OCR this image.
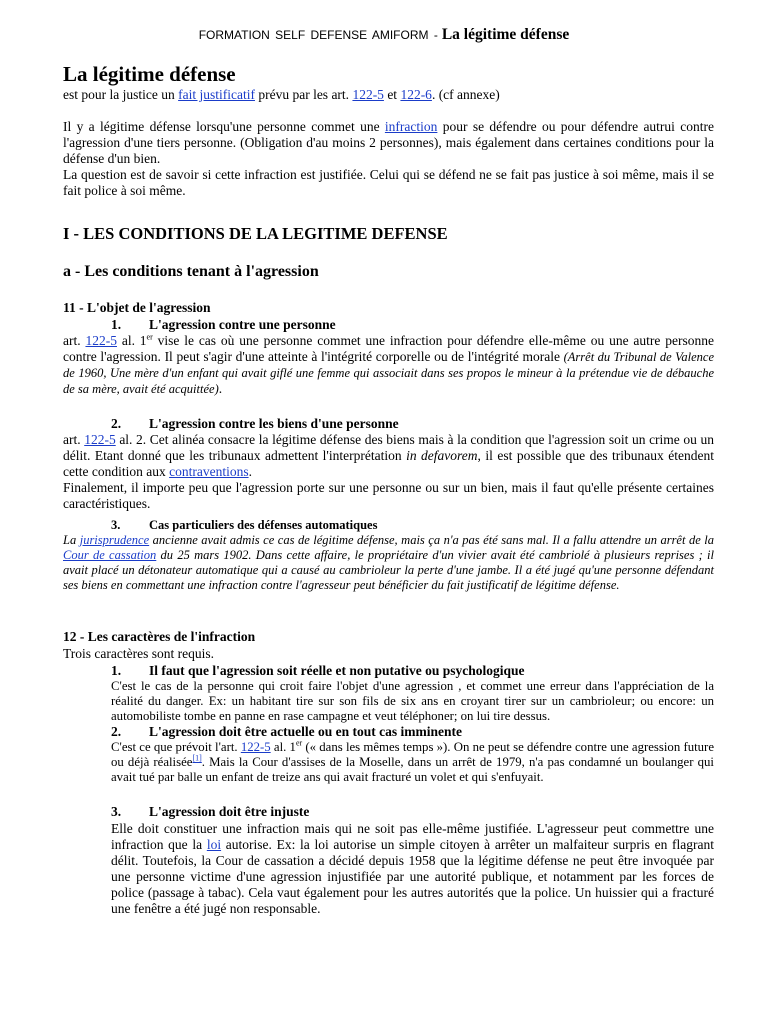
FORMATION SELF DEFENSE AMIFORM - La légitime défense
La légitime défense

est pour la justice un fait justificatif prévu par les art. 122-5 et 122-6. (cf annexe)

Il y a légitime défense lorsqu'une personne commet une infraction pour se défendre ou pour défendre autrui contre l'agression d'une tiers personne. (Obligation d'au moins 2 personnes), mais également dans certaines conditions pour la défense d'un bien.

La question est de savoir si cette infraction est justifiée. Celui qui se défend ne se fait pas justice à soi même, mais il se fait police à soi même.

I - LES CONDITIONS DE LA LEGITIME DEFENSE
a - Les conditions tenant à l'agression
11 - L'objet de l'agression
1. L'agression contre une personne

art. 122-5 al. 1er vise le cas où une personne commet une infraction pour défendre elle-même ou une autre personne contre l'agression. Il peut s'agir d'une atteinte à l'intégrité corporelle ou de l'intégrité morale (Arrêt du Tribunal de Valence de 1960, Une mère d'un enfant qui avait giflé une femme qui associait dans ses propos le mineur à la prétendue vie de débauche de sa mère, avait été acquittée).

2. L'agression contre les biens d'une personne

art. 122-5 al. 2. Cet alinéa consacre la légitime défense des biens mais à la condition que l'agression soit un crime ou un délit. Etant donné que les tribunaux admettent l'interprétation in defavorem, il est possible que des tribunaux étendent cette condition aux contraventions.

Finalement, il importe peu que l'agression porte sur une personne ou sur un bien, mais il faut qu'elle présente certaines caractéristiques.

3. Cas particuliers des défenses automatiques

La jurisprudence ancienne avait admis ce cas de légitime défense, mais ça n'a pas été sans mal. Il a fallu attendre un arrêt de la Cour de cassation du 25 mars 1902. Dans cette affaire, le propriétaire d'un vivier avait été cambriolé à plusieurs reprises ; il avait placé un détonateur automatique qui a causé au cambrioleur la perte d'une jambe. Il a été jugé qu'une personne défendant ses biens en commettant une infraction contre l'agresseur peut bénéficier du fait justificatif de légitime défense.

12 - Les caractères de l'infraction

Trois caractères sont requis.

1. Il faut que l'agression soit réelle et non putative ou psychologique

C'est le cas de la personne qui croit faire l'objet d'une agression , et commet une erreur dans l'appréciation de la réalité du danger. Ex: un habitant tire sur son fils de six ans en croyant tirer sur un cambrioleur; ou encore: un automobiliste tombe en panne en rase campagne et veut téléphoner; on lui tire dessus.

2. L'agression doit être actuelle ou en tout cas imminente

C'est ce que prévoit l'art. 122-5 al. 1er (« dans les mêmes temps »). On ne peut se défendre contre une agression future ou déjà réalisée[1]. Mais la Cour d'assises de la Moselle, dans un arrêt de 1979, n'a pas condamné un boulanger qui avait tué par balle un enfant de treize ans qui avait fracturé un volet et qui s'enfuyait.

3. L'agression doit être injuste

Elle doit constituer une infraction mais qui ne soit pas elle-même justifiée. L'agresseur peut commettre une infraction que la loi autorise. Ex: la loi autorise un simple citoyen à arrêter un malfaiteur surpris en flagrant délit. Toutefois, la Cour de cassation a décidé depuis 1958 que la légitime défense ne peut être invoquée par une personne victime d'une agression injustifiée par une autorité publique, et notamment par les forces de police (passage à tabac). Cela vaut également pour les autres autorités que la police. Un huissier qui a fracturé une fenêtre a été jugé non responsable.
